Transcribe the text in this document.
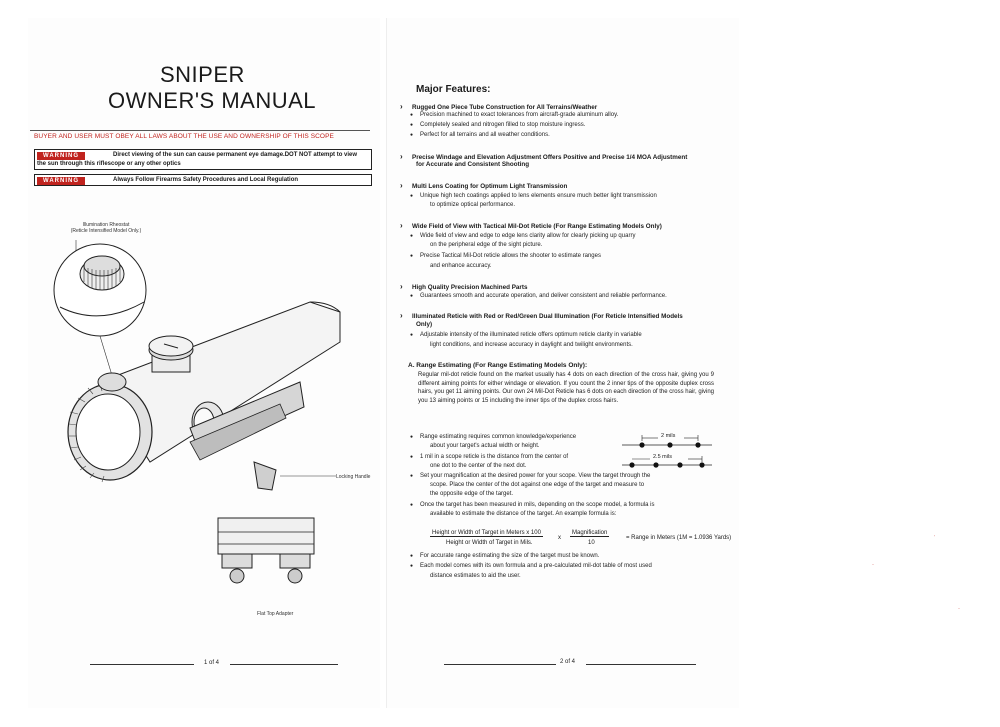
SNIPER
OWNER'S MANUAL
BUYER AND USER MUST OBEY ALL LAWS ABOUT THE USE AND OWNERSHIP OF THIS SCOPE
WARNING	Direct viewing of the sun can cause permanent eye damage.DOT NOT attempt to view
the sun through this riflescope or any other optics
WARNING	Always Follow Firearms Safety Procedures and Local Regulation
Illumination Rheostat
(Reticle Intensified Model Only.)
Locking Handle
Flat Top Adapter
1 of 4
Major Features:
› Rugged One Piece Tube Construction for All Terrains/Weather
● Precision machined to exact tolerances from aircraft-grade aluminum alloy.
● Completely sealed and nitrogen filled to stop moisture ingress.
● Perfect for all terrains and all weather conditions.
› Precise Windage and Elevation Adjustment Offers Positive and Precise 1/4 MOA Adjustment
for Accurate and Consistent Shooting
› Multi Lens Coating for Optimum Light Transmission
● Unique high tech coatings applied to lens elements ensure much better light transmission
to optimize optical performance.
› Wide Field of View with Tactical Mil-Dot Reticle (For Range Estimating Models Only)
● Wide field of view and edge to edge lens clarity allow for clearly picking up quarry
on the peripheral edge of the sight picture.
● Precise Tactical Mil-Dot reticle allows the shooter to estimate ranges
and enhance accuracy.
› High Quality Precision Machined Parts
● Guarantees smooth and accurate operation, and deliver consistent and reliable performance.
› Illuminated Reticle with Red or Red/Green Dual Illumination (For Reticle Intensified Models
Only)
● Adjustable intensity of the illuminated reticle offers optimum reticle clarity in variable
light conditions, and increase accuracy in daylight and twilight environments.
A. Range Estimating (For Range Estimating Models Only):
Regular mil-dot reticle found on the market usually has 4 dots on each direction of the cross hair, giving you 9 different aiming points for either windage or elevation. If you count the 2 inner tips of the opposite duplex cross hairs, you get 11 aiming points. Our own 24 Mil-Dot Reticle has 6 dots on each direction of the cross hair, giving you 13 aiming points or 15 including the inner tips of the duplex cross hairs.
● Range estimating requires common knowledge/experience
about your target's actual width or height.
● 1 mil in a scope reticle is the distance from the center of
one dot to the center of the next dot.
● Set your magnification at the desired power for your scope. View the target through the
scope. Place the center of the dot against one edge of the target and measure to
the opposite edge of the target.
● Once the target has been measured in mils, depending on the scope model, a formula is
available to estimate the distance of the target. An example formula is:
2 mils
2.5 mils
Height or Width of Target in Meters x 100
Height or Width of Target in Mils.
x
Magnification
10
= Range in Meters (1M = 1.0936 Yards)
● For accurate range estimating the size of the target must be known.
● Each model comes with its own formula and a pre-calculated mil-dot table of most used
distance estimates to aid the user.
2 of 4
˙
·
·
